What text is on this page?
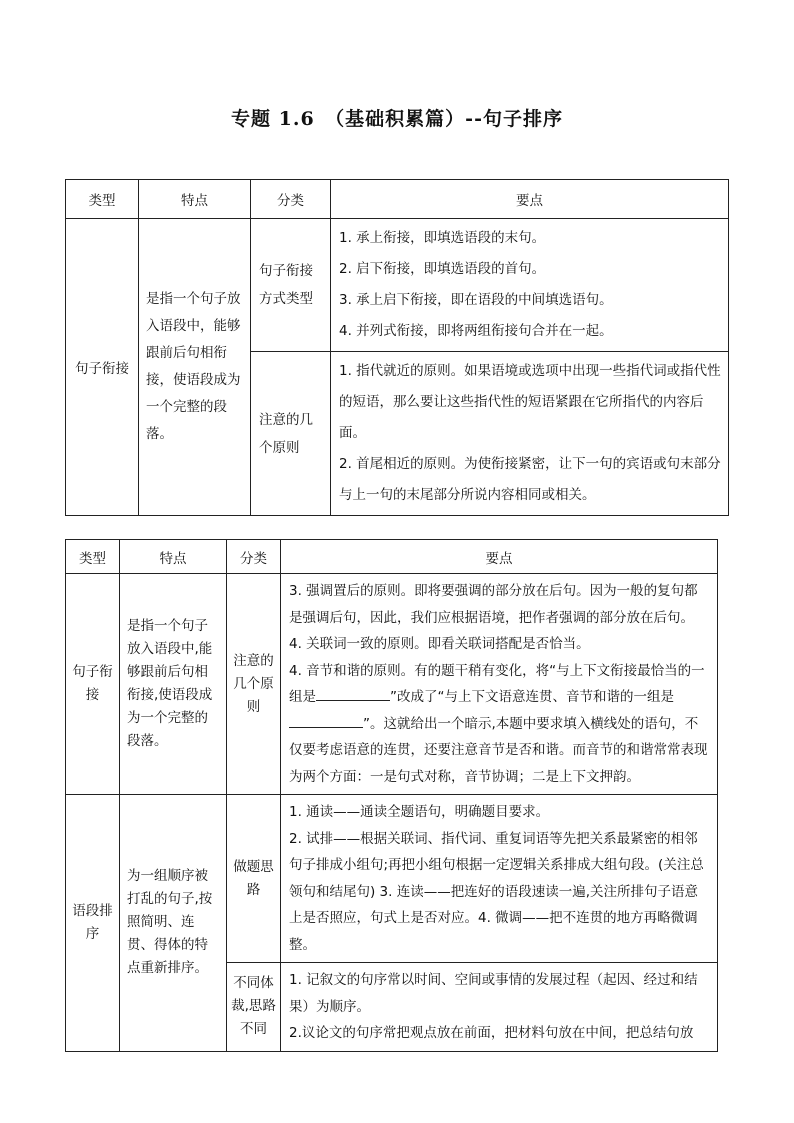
专题 1.6　（基础积累篇）--句子排序
类型	特点	分类	要点
句子衔接	是指一个句子放入语段中，能够跟前后句相衔接，使语段成为一个完整的段落。	句子衔接方式类型	1. 承上衔接，即填选语段的末句。
2. 启下衔接，即填选语段的首句。
3. 承上启下衔接，即在语段的中间填选语句。
4. 并列式衔接，即将两组衔接句合并在一起。

		注意的几个原则	1. 指代就近的原则。如果语境或选项中出现一些指代词或指代性的短语，那么要让这些指代性的短语紧跟在它所指代的内容后面。
2. 首尾相近的原则。为使衔接紧密，让下一句的宾语或句末部分与上一句的末尾部分所说内容相同或相关。
类型	特点	分类	要点
句子衔接	是指一个句子放入语段中,能够跟前后句相衔接,使语段成为一个完整的段落。	注意的几个原则	3. 强调置后的原则。即将要强调的部分放在后句。因为一般的复句都是强调后句，因此，我们应根据语境，把作者强调的部分放在后句。
4. 关联词一致的原则。即看关联词搭配是否恰当。
4. 音节和谐的原则。有的题干稍有变化，将“与上下文衔接最恰当的一组是 ”改成了“与上下文语意连贯、音节和谐的一组是”。这就给出一个暗示,本题中要求填入横线处的语句，不仅要考虑语意的连贯，还要注意音节是否和谐。而音节的和谐常常表现为两个方面：一是句式对称，音节协调；二是上下文押韵。

语段排序	为一组顺序被打乱的句子,按照简明、连贯、得体的特点重新排序。	做题思路	1. 通读——通读全题语句，明确题目要求。
2. 试排——根据关联词、指代词、重复词语等先把关系最紧密的相邻句子排成小组句;再把小组句根据一定逻辑关系排成大组句段。(关注总领句和结尾句) 3. 连读——把连好的语段速读一遍,关注所排句子语意上是否照应，句式上是否对应。4. 微调——把不连贯的地方再略微调整。

		不同体裁,思路不同	1. 记叙文的句序常以时间、空间或事情的发展过程（起因、经过和结果）为顺序。
2.议论文的句序常把观点放在前面，把材料句放在中间，把总结句放
